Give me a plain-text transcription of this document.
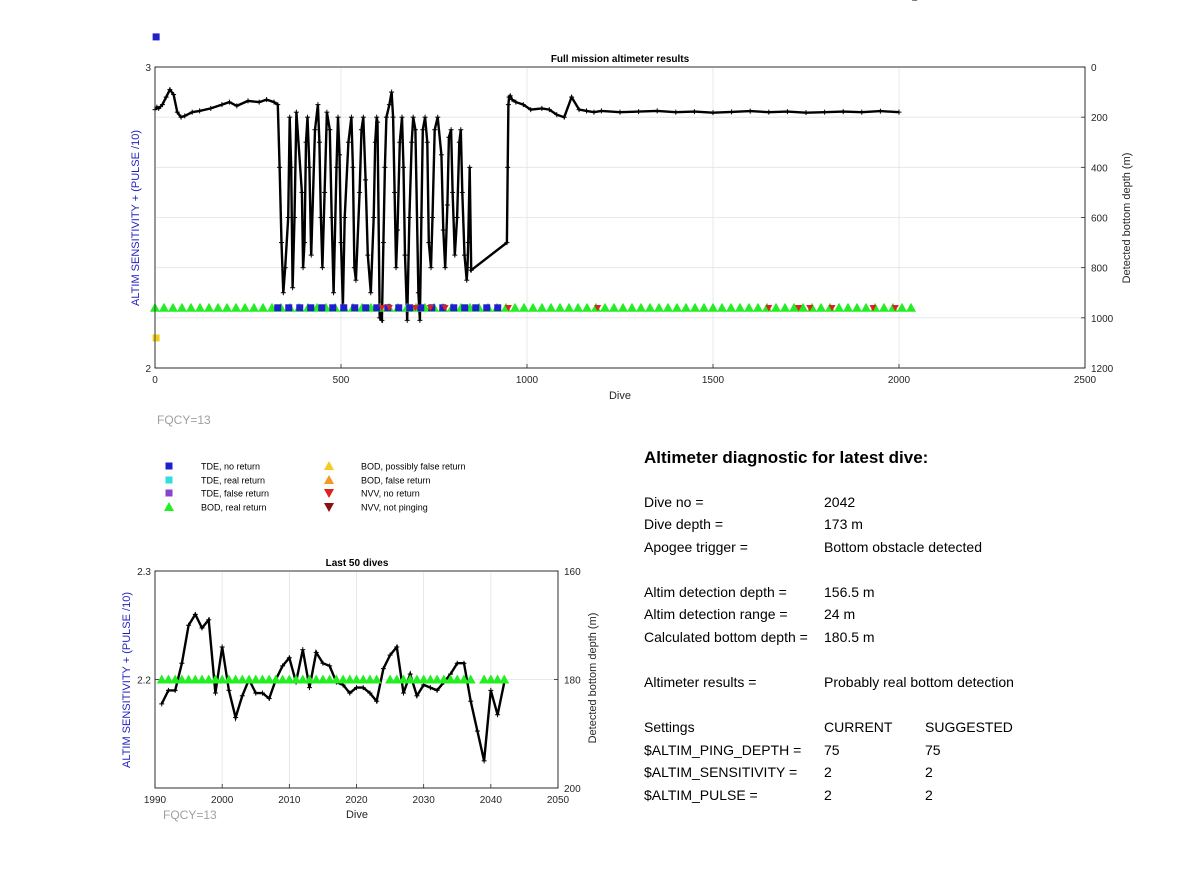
0	500	1000	1500	2000	2500
0
200
400
600
800
1000
1200
2
3
Full mission altimeter results
Dive
ALTIM SENSITIVITY + (PULSE /10)	Detected bottom depth (m)
FQCY=13
TDE, no return
TDE, real return
TDE, false return
BOD, real return
BOD, possibly false return
BOD, false return
NVV, no return
NVV, not pinging
1990	2000	2010	2020	2030	2040	2050
160
180
200
2.2
2.3
Last 50 dives
Dive
ALTIM SENSITIVITY + (PULSE /10)	Detected bottom depth (m)
FQCY=13
Altimeter diagnostic for latest dive:
Dive no =	2042
Dive depth =	173 m
Apogee trigger =	Bottom obstacle detected
Altim detection depth =	156.5 m
Altim detection range =	24 m
Calculated bottom depth = 180.5 m
Altimeter results =	Probably real bottom detection
Settings	CURRENT SUGGESTED
$ALTIM_PING_DEPTH = 75	75
$ALTIM_SENSITIVITY = 2	2
$ALTIM_PULSE =	2	2
